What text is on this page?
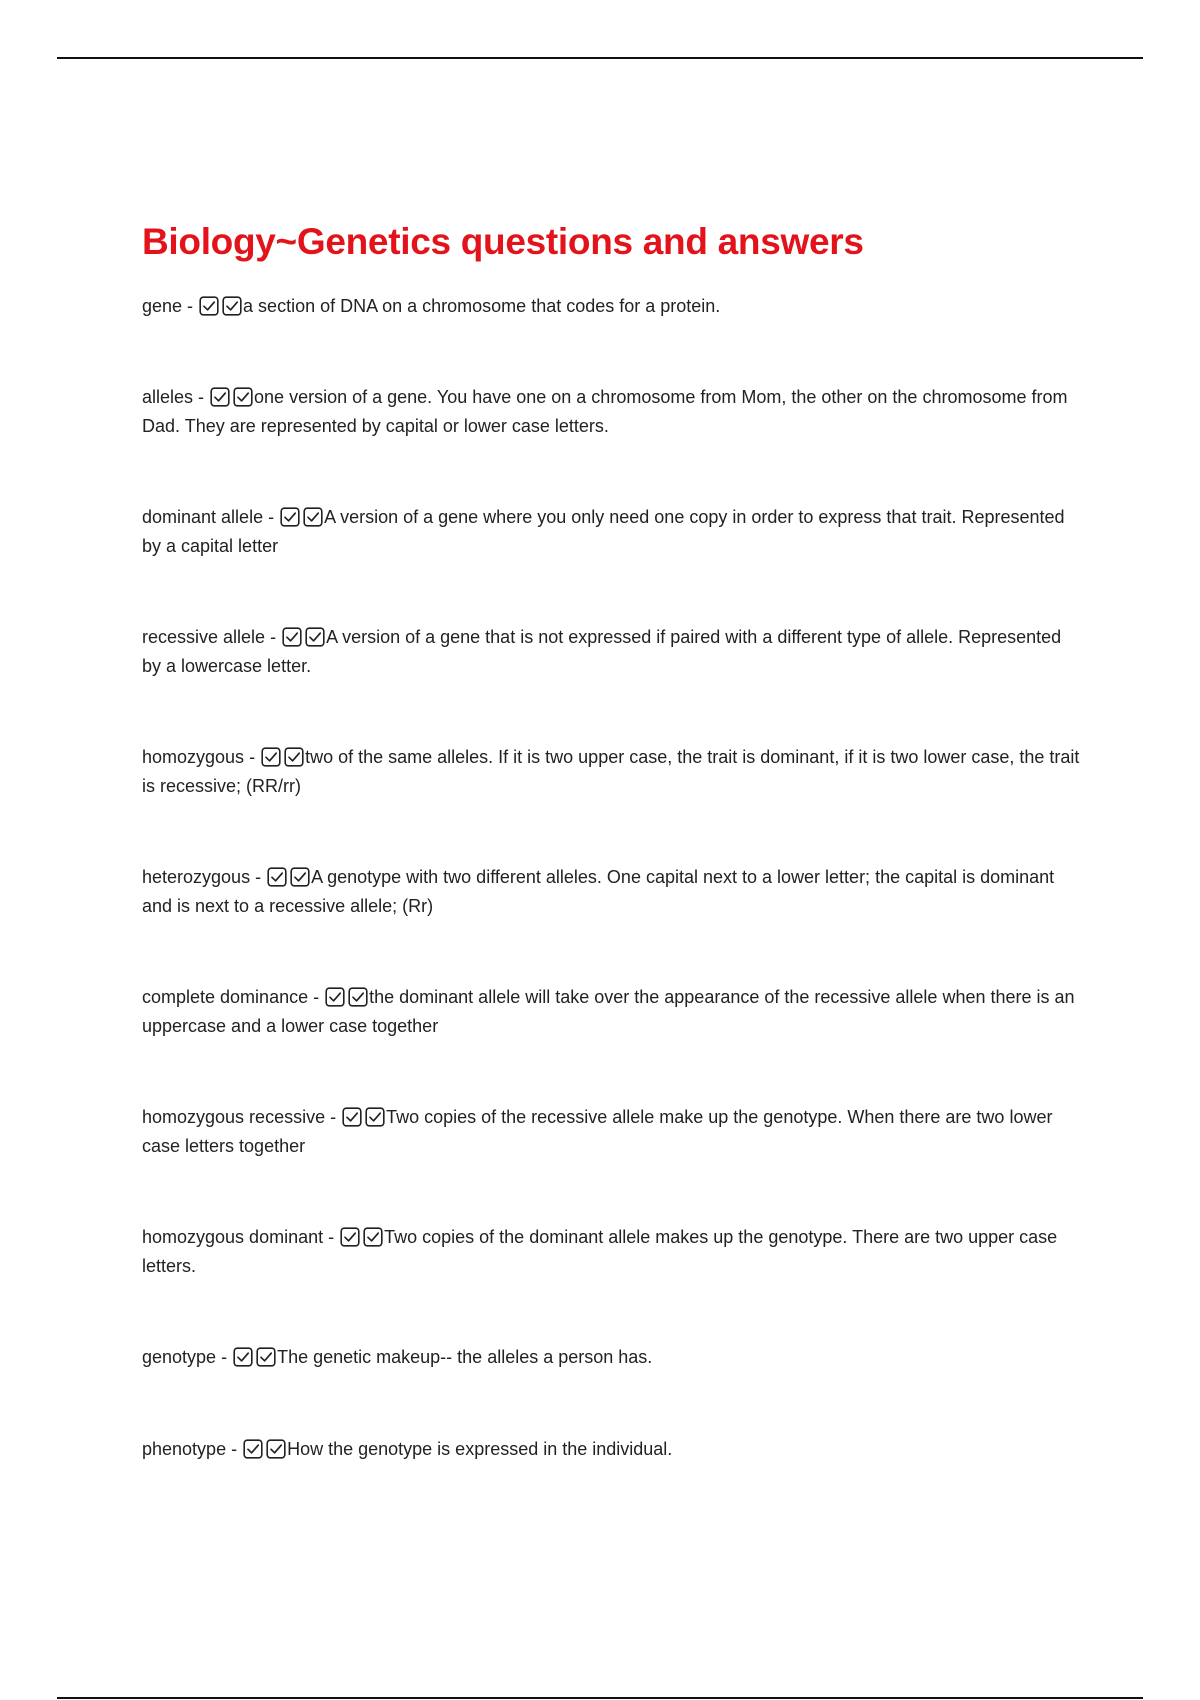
Biology~Genetics questions and answers
gene -	a section of DNA on a chromosome that codes for a protein.
alleles -	one version of a gene. You have one on a chromosome from Mom, the other on the chromosome from Dad. They are represented by capital or lower case letters.
dominant allele -	A version of a gene where you only need one copy in order to express that trait. Represented by a capital letter
recessive allele -	A version of a gene that is not expressed if paired with a different type of allele. Represented by a lowercase letter.
homozygous -	two of the same alleles. If it is two upper case, the trait is dominant, if it is two lower case, the trait is recessive; (RR/rr)
heterozygous -	A genotype with two different alleles. One capital next to a lower letter; the capital is dominant and is next to a recessive allele; (Rr)
complete dominance -	the dominant allele will take over the appearance of the recessive allele when there is an uppercase and a lower case together
homozygous recessive -	Two copies of the recessive allele make up the genotype. When there are two lower case letters together
homozygous dominant -	Two copies of the dominant allele makes up the genotype. There are two upper case letters.
genotype -	The genetic makeup-- the alleles a person has.
phenotype -	How the genotype is expressed in the individual.
